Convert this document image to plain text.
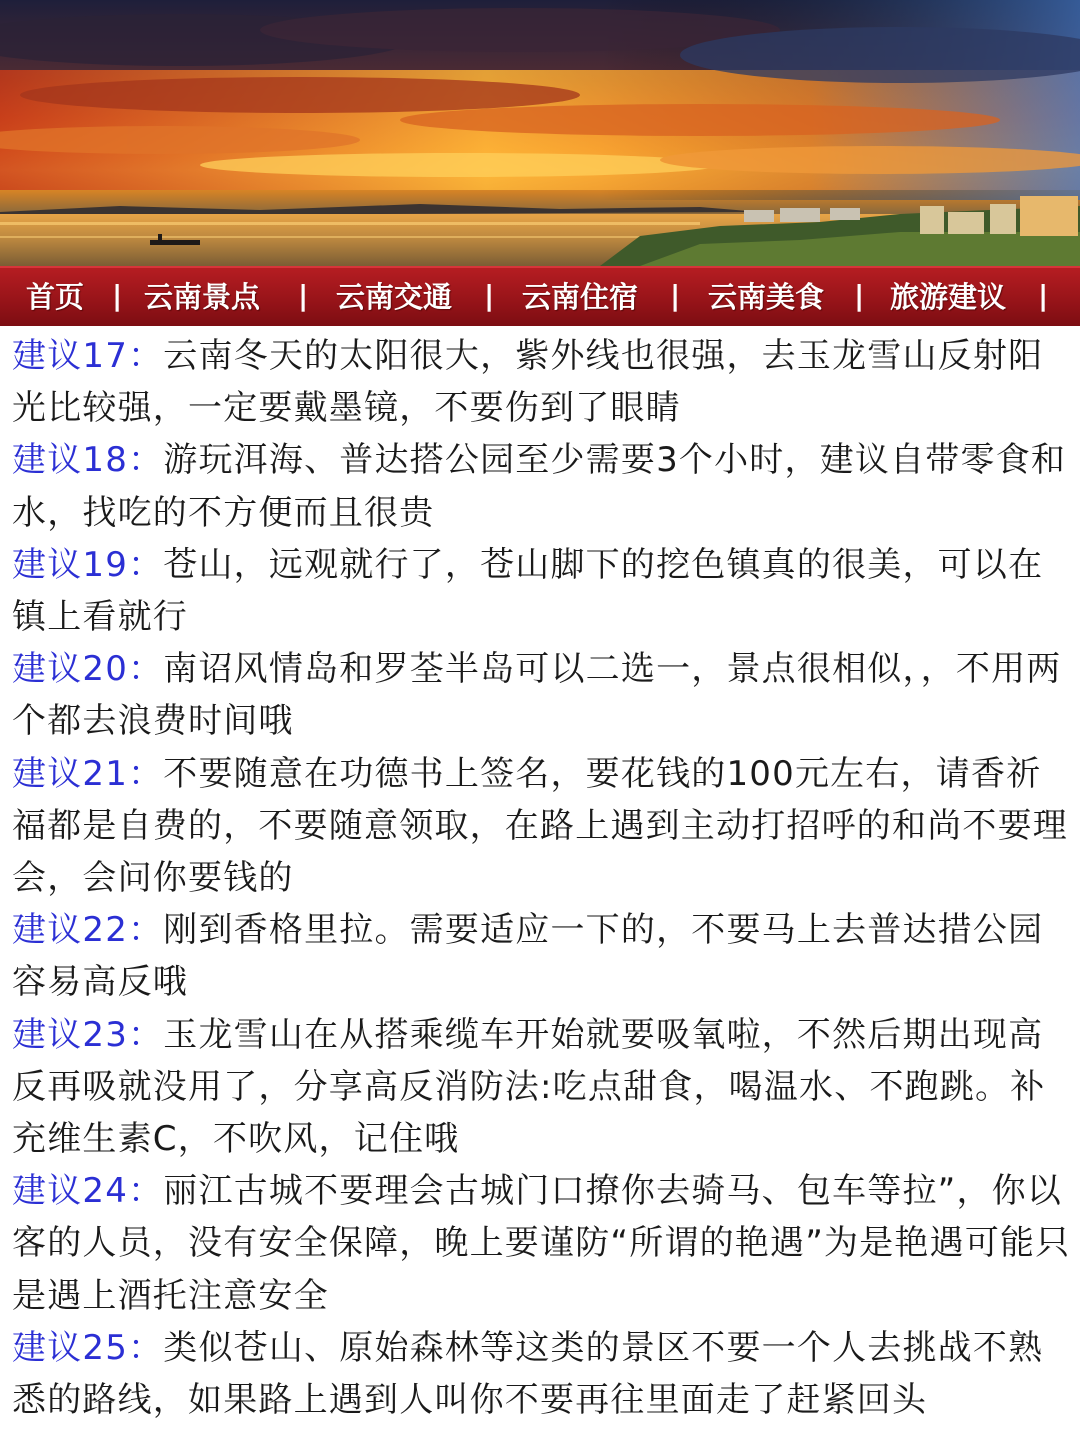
首页 | 云南景点 | 云南交通 | 云南住宿 | 云南美食 | 旅游建议 |

建议17：云南冬天的太阳很大，紫外线也很强，去玉龙雪山反射阳光比较强，一定要戴墨镜，不要伤到了眼睛

建议18：游玩洱海、普达搭公园至少需要3个小时，建议自带零食和水，找吃的不方便而且很贵

建议19：苍山，远观就行了，苍山脚下的挖色镇真的很美，可以在镇上看就行

建议20：南诏风情岛和罗荃半岛可以二选一，景点很相似，，不用两个都去浪费时间哦

建议21：不要随意在功德书上签名，要花钱的100元左右，请香祈福都是自费的，不要随意领取，在路上遇到主动打招呼的和尚不要理会，会问你要钱的

建议22：刚到香格里拉。需要适应一下的，不要马上去普达措公园容易高反哦

建议23：玉龙雪山在从搭乘缆车开始就要吸氧啦，不然后期出现高反再吸就没用了，分享高反消防法:吃点甜食，喝温水、不跑跳。补充维生素C，不吹风，记住哦

建议24：丽江古城不要理会古城门口撩你去骑马、包车等拉”，你以客的人员，没有安全保障，晚上要谨防“所谓的艳遇”为是艳遇可能只是遇上酒托注意安全

建议25：类似苍山、原始森林等这类的景区不要一个人去挑战不熟悉的路线，如果路上遇到人叫你不要再往里面走了赶紧回头
